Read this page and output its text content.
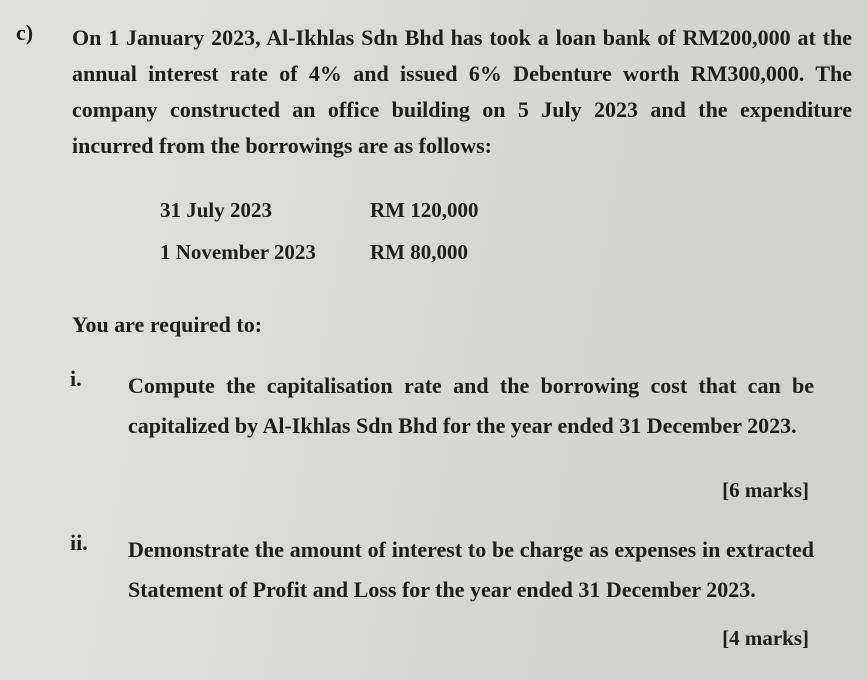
c) On 1 January 2023, Al-Ikhlas Sdn Bhd has took a loan bank of RM200,000 at the annual interest rate of 4% and issued 6% Debenture worth RM300,000. The company constructed an office building on 5 July 2023 and the expenditure incurred from the borrowings are as follows:
31 July 2023	RM 120,000
1 November 2023	RM 80,000
You are required to:
i. Compute the capitalisation rate and the borrowing cost that can be capitalized by Al-Ikhlas Sdn Bhd for the year ended 31 December 2023.
[6 marks]
ii. Demonstrate the amount of interest to be charge as expenses in extracted Statement of Profit and Loss for the year ended 31 December 2023.
[4 marks]
